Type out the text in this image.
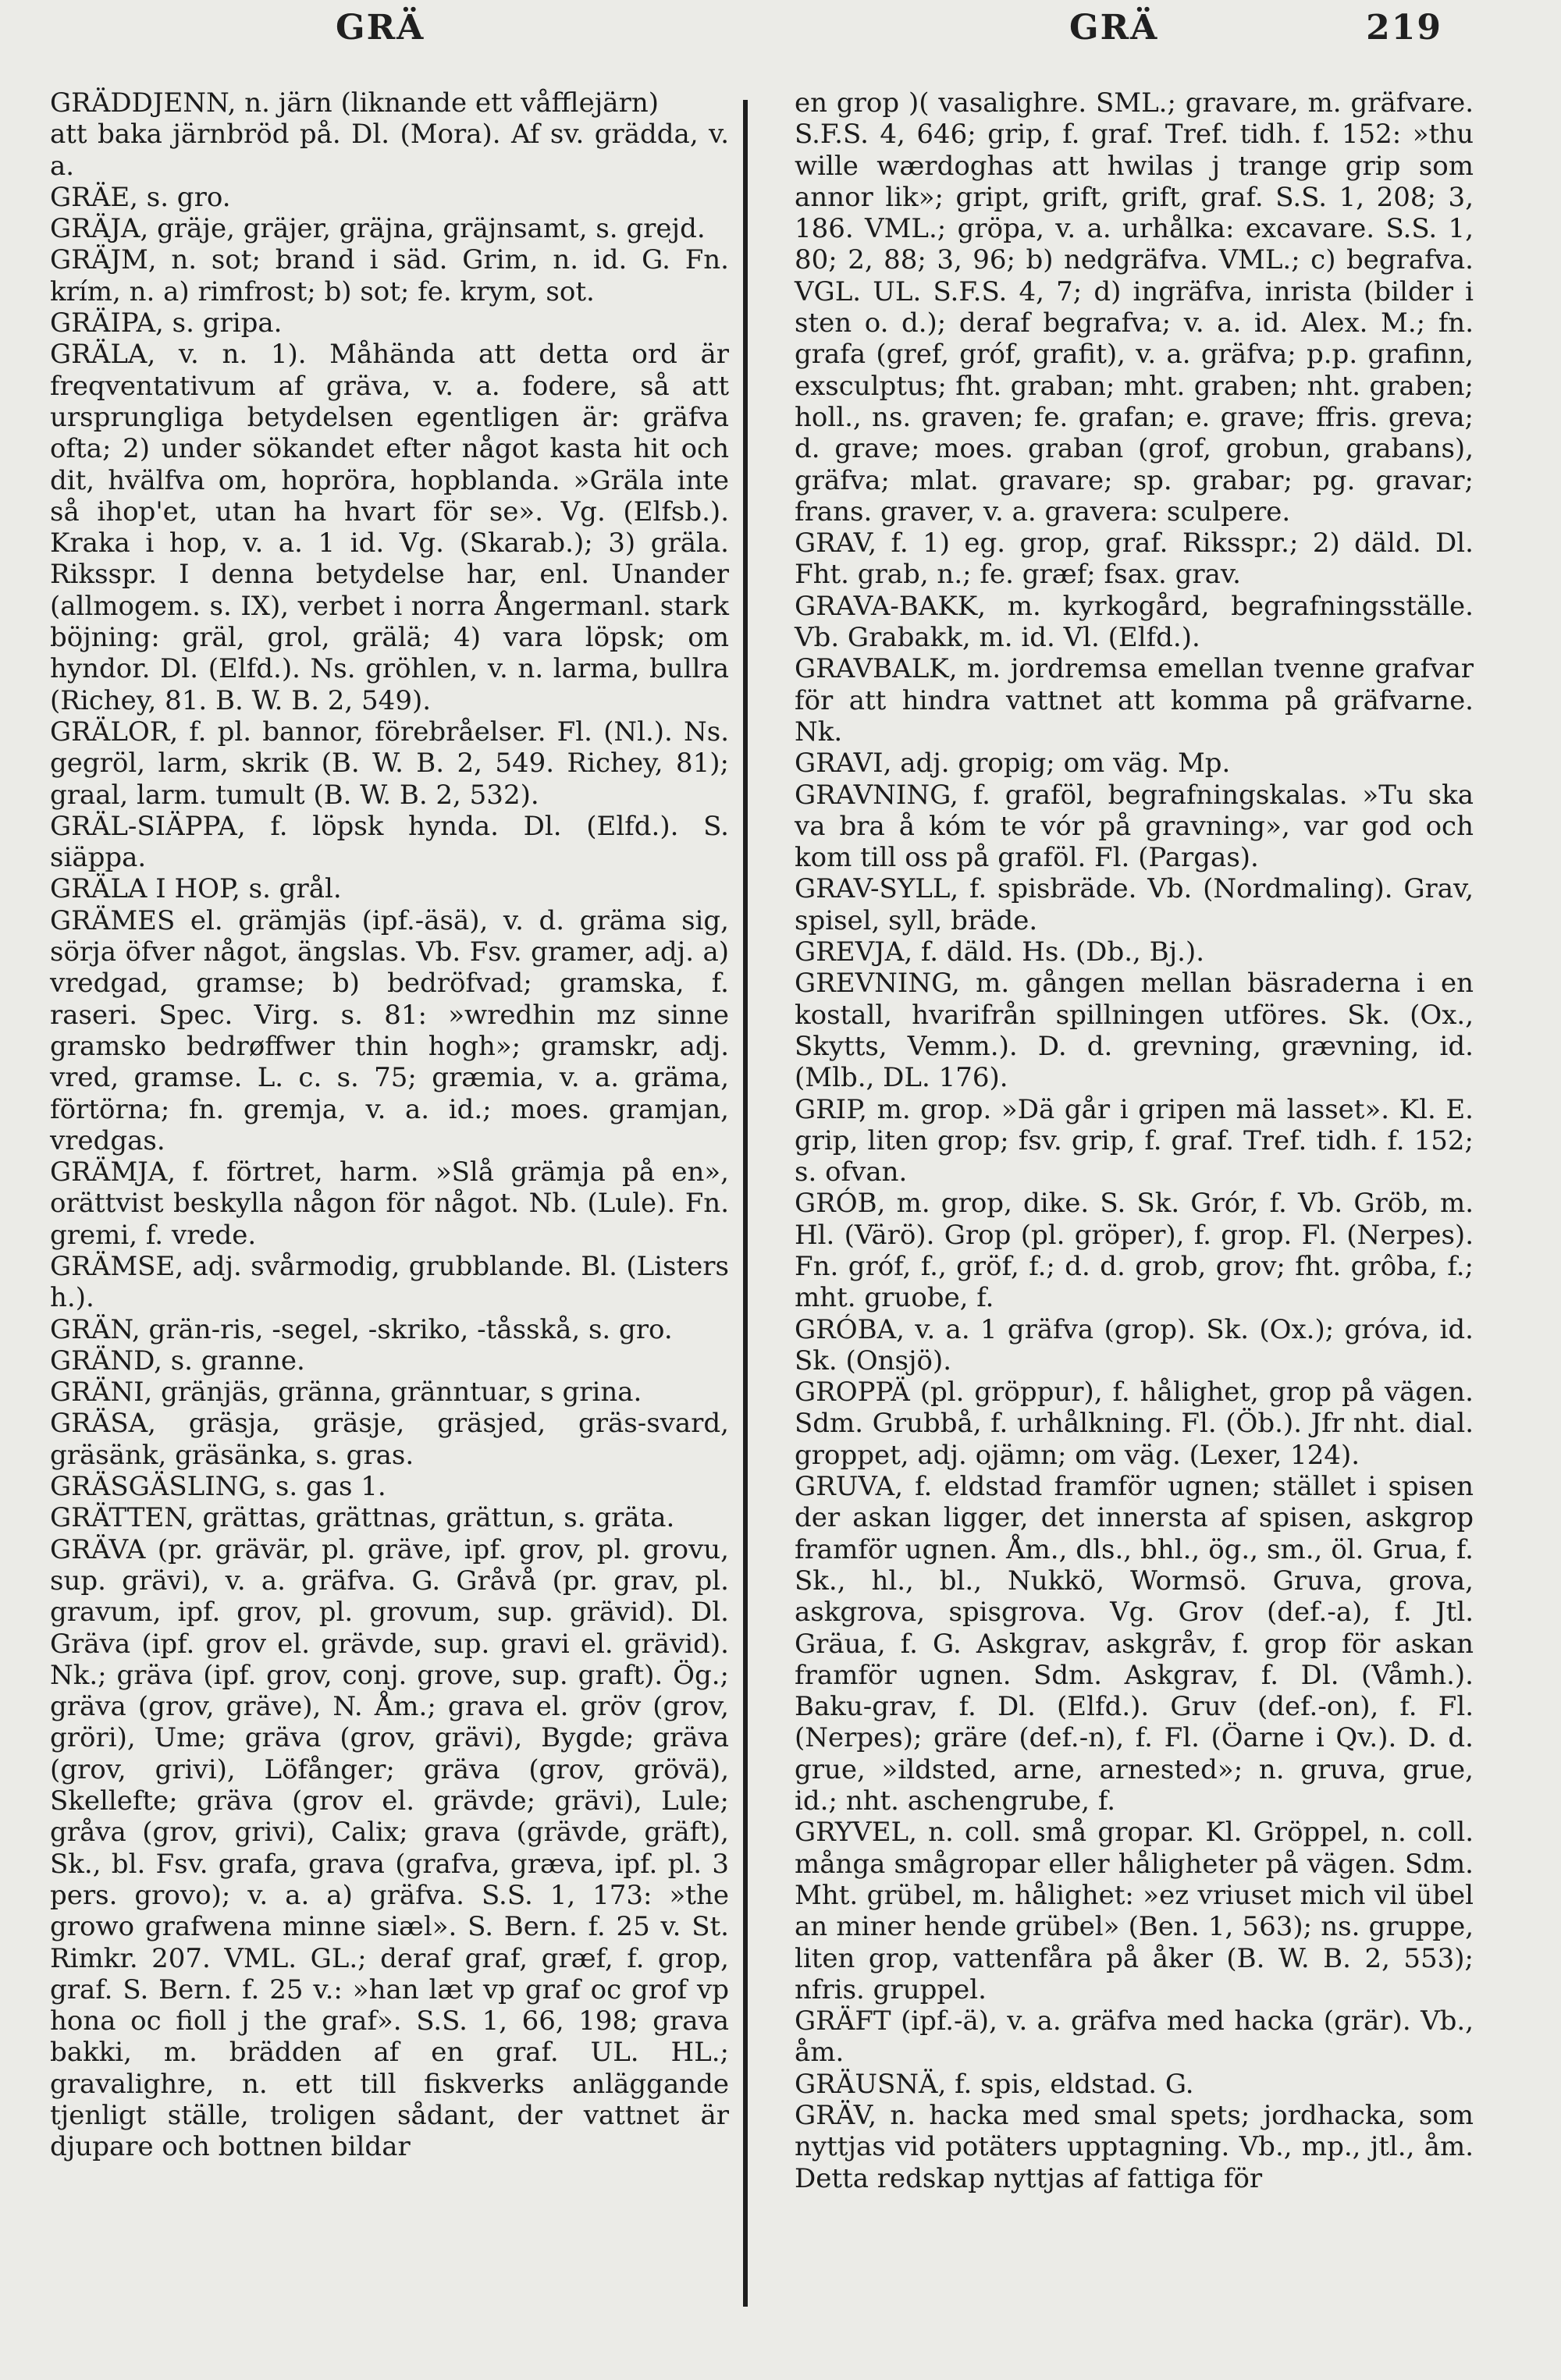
GRÄ	GRÄ	219

GRÄDDJENN, n. järn (liknande ett våfflejärn)

att baka järnbröd på. Dl. (Mora). Af sv. grädda, v. a.

GRÄE, s. gro.

GRÄJA, gräje, gräjer, gräjna, gräjnsamt, s. grejd.

GRÄJM, n. sot; brand i säd. Grim, n. id. G. Fn. krím, n. a) rimfrost; b) sot; fe. krym, sot.

GRÄIPA, s. gripa.

GRÄLA, v. n. 1). Måhända att detta ord är freqventativum af gräva, v. a. fodere, så att ursprungliga betydelsen egentligen är: gräfva ofta; 2) under sökandet efter något kasta hit och dit, hvälfva om, hopröra, hopblanda. »Gräla inte så ihop'et, utan ha hvart för se». Vg. (Elfsb.). Kraka i hop, v. a. 1 id. Vg. (Skarab.); 3) gräla. Riksspr. I denna betydelse har, enl. Unander (allmogem. s. IX), verbet i norra Ångermanl. stark böjning: gräl, grol, grälä; 4) vara löpsk; om hyndor. Dl. (Elfd.). Ns. gröhlen, v. n. larma, bullra (Richey, 81. B. W. B. 2, 549).

GRÄLOR, f. pl. bannor, förebråelser. Fl. (Nl.). Ns. gegröl, larm, skrik (B. W. B. 2, 549. Richey, 81); graal, larm. tumult (B. W. B. 2, 532).

GRÄL-SIÄPPA, f. löpsk hynda. Dl. (Elfd.). S. siäppa.

GRÄLA I HOP, s. grål.

GRÄMES el. grämjäs (ipf.-äsä), v. d. gräma sig, sörja öfver något, ängslas. Vb. Fsv. gramer, adj. a) vredgad, gramse; b) bedröfvad; gramska, f. raseri. Spec. Virg. s. 81: »wredhin mz sinne gramsko bedrøffwer thin hogh»; gramskr, adj. vred, gramse. L. c. s. 75; græmia, v. a. gräma, förtörna; fn. gremja, v. a. id.; moes. gramjan, vredgas.

GRÄMJA, f. förtret, harm. »Slå grämja på en», orättvist beskylla någon för något. Nb. (Lule). Fn. gremi, f. vrede.

GRÄMSE, adj. svårmodig, grubblande. Bl. (Listers h.).

GRÄN, grän-ris, -segel, -skriko, -tåsskå, s. gro.

GRÄND, s. granne.

GRÄNI, gränjäs, gränna, gränntuar, s grina.

GRÄSA, gräsja, gräsje, gräsjed, gräs-svard, gräsänk, gräsänka, s. gras.

GRÄSGÄSLING, s. gas 1.

GRÄTTEN, grättas, grättnas, grättun, s. gräta.

GRÄVA (pr. grävär, pl. gräve, ipf. grov, pl. grovu, sup. grävi), v. a. gräfva. G. Gråvå (pr. grav, pl. gravum, ipf. grov, pl. grovum, sup. grävid). Dl. Gräva (ipf. grov el. grävde, sup. gravi el. grävid). Nk.; gräva (ipf. grov, conj. grove, sup. graft). Ög.; gräva (grov, gräve), N. Åm.; grava el. gröv (grov, gröri), Ume; gräva (grov, grävi), Bygde; gräva (grov, grivi), Löfånger; gräva (grov, grövä), Skellefte; gräva (grov el. grävde; grävi), Lule; gråva (grov, grivi), Calix; grava (grävde, gräft), Sk., bl. Fsv. grafa, grava (grafva, græva, ipf. pl. 3 pers. grovo); v. a. a) gräfva. S.S. 1, 173: »the growo grafwena minne siæl». S. Bern. f. 25 v. St. Rimkr. 207. VML. GL.; deraf graf, græf, f. grop, graf. S. Bern. f. 25 v.: »han læt vp graf oc grof vp hona oc fioll j the graf». S.S. 1, 66, 198; grava bakki, m. brädden af en graf. UL. HL.; gravalighre, n. ett till fiskverks anläggande tjenligt ställe, troligen sådant, der vattnet är djupare och bottnen bildar

en grop )( vasalighre. SML.; gravare, m. gräfvare. S.F.S. 4, 646; grip, f. graf. Tref. tidh. f. 152: »thu wille wærdoghas att hwilas j trange grip som annor lik»; gript, grift, grift, graf. S.S. 1, 208; 3, 186. VML.; gröpa, v. a. urhålka: excavare. S.S. 1, 80; 2, 88; 3, 96; b) nedgräfva. VML.; c) begrafva. VGL. UL. S.F.S. 4, 7; d) ingräfva, inrista (bilder i sten o. d.); deraf begrafva; v. a. id. Alex. M.; fn. grafa (gref, gróf, grafit), v. a. gräfva; p.p. grafinn, exsculptus; fht. graban; mht. graben; nht. graben; holl., ns. graven; fe. grafan; e. grave; ffris. greva; d. grave; moes. graban (grof, grobun, grabans), gräfva; mlat. gravare; sp. grabar; pg. gravar; frans. graver, v. a. gravera: sculpere.

GRAV, f. 1) eg. grop, graf. Riksspr.; 2) däld. Dl. Fht. grab, n.; fe. græf; fsax. grav.

GRAVA-BAKK, m. kyrkogård, begrafningsställe. Vb. Grabakk, m. id. Vl. (Elfd.).

GRAVBALK, m. jordremsa emellan tvenne grafvar för att hindra vattnet att komma på gräfvarne. Nk.

GRAVI, adj. gropig; om väg. Mp.

GRAVNING, f. graföl, begrafningskalas. »Tu ska va bra å kóm te vór på gravning», var god och kom till oss på graföl. Fl. (Pargas).

GRAV-SYLL, f. spisbräde. Vb. (Nordmaling). Grav, spisel, syll, bräde.

GREVJA, f. däld. Hs. (Db., Bj.).

GREVNING, m. gången mellan bäsraderna i en kostall, hvarifrån spillningen utföres. Sk. (Ox., Skytts, Vemm.). D. d. grevning, grævning, id. (Mlb., DL. 176).

GRIP, m. grop. »Dä går i gripen mä lasset». Kl. E. grip, liten grop; fsv. grip, f. graf. Tref. tidh. f. 152; s. ofvan.

GRÓB, m. grop, dike. S. Sk. Grór, f. Vb. Gröb, m. Hl. (Värö). Grop (pl. gröper), f. grop. Fl. (Nerpes). Fn. gróf, f., gröf, f.; d. d. grob, grov; fht. grôba, f.; mht. gruobe, f.

GRÓBA, v. a. 1 gräfva (grop). Sk. (Ox.); gróva, id. Sk. (Onsjö).

GROPPÄ (pl. gröppur), f. hålighet, grop på vägen. Sdm. Grubbå, f. urhålkning. Fl. (Öb.). Jfr nht. dial. groppet, adj. ojämn; om väg. (Lexer, 124).

GRUVA, f. eldstad framför ugnen; stället i spisen der askan ligger, det innersta af spisen, askgrop framför ugnen. Åm., dls., bhl., ög., sm., öl. Grua, f. Sk., hl., bl., Nukkö, Wormsö. Gruva, grova, askgrova, spisgrova. Vg. Grov (def.-a), f. Jtl. Gräua, f. G. Askgrav, askgråv, f. grop för askan framför ugnen. Sdm. Askgrav, f. Dl. (Våmh.). Baku-grav, f. Dl. (Elfd.). Gruv (def.-on), f. Fl. (Nerpes); gräre (def.-n), f. Fl. (Öarne i Qv.). D. d. grue, »ildsted, arne, arnested»; n. gruva, grue, id.; nht. aschengrube, f.

GRYVEL, n. coll. små gropar. Kl. Gröppel, n. coll. många smågropar eller håligheter på vägen. Sdm. Mht. grübel, m. hålighet: »ez vriuset mich vil übel an miner hende grübel» (Ben. 1, 563); ns. gruppe, liten grop, vattenfåra på åker (B. W. B. 2, 553); nfris. gruppel.

GRÄFT (ipf.-ä), v. a. gräfva med hacka (grär). Vb., åm.

GRÄUSNÄ, f. spis, eldstad. G.

GRÄV, n. hacka med smal spets; jordhacka, som nyttjas vid potäters upptagning. Vb., mp., jtl., åm. Detta redskap nyttjas af fattiga för
